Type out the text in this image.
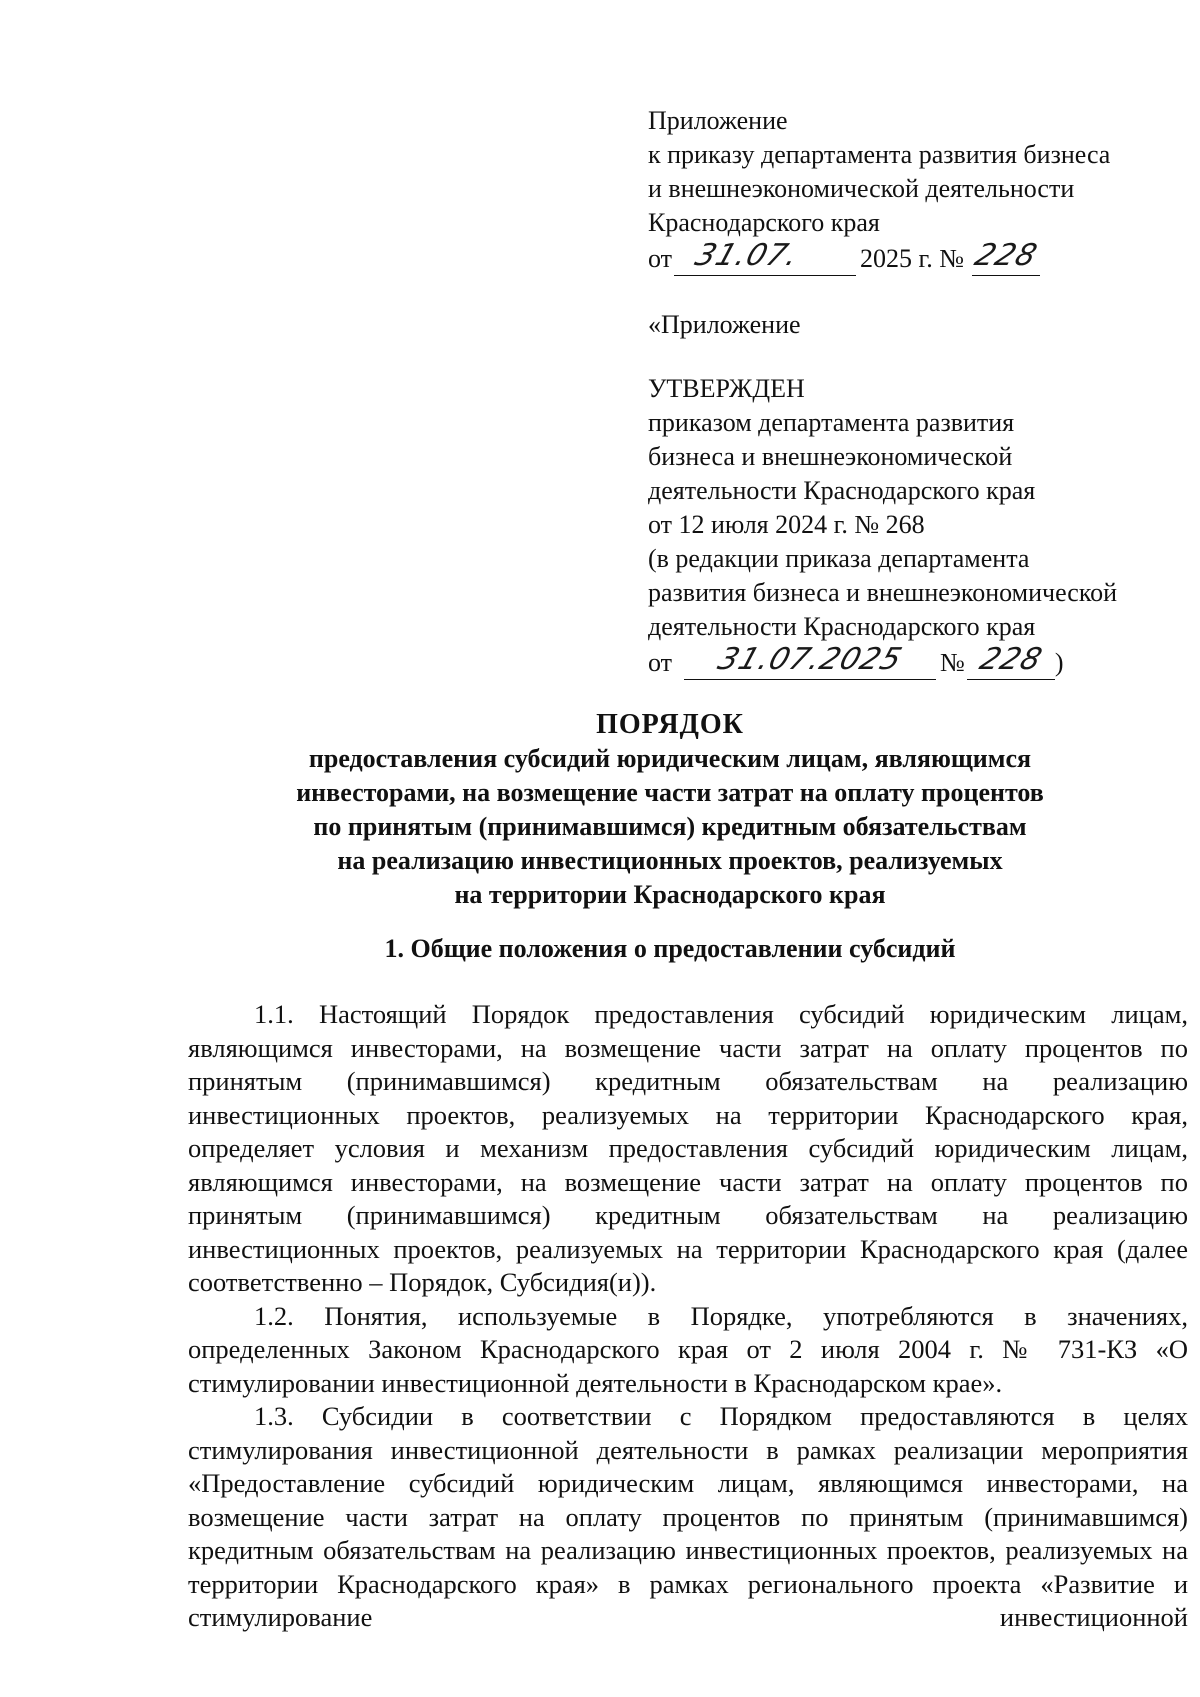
Приложение
к приказу департамента развития бизнеса
и внешнеэкономической деятельности
Краснодарского края
от 31.07. 2025 г. № 228
«Приложение
УТВЕРЖДЕН
приказом департамента развития
бизнеса и внешнеэкономической
деятельности Краснодарского края
от 12 июля 2024 г. № 268
(в редакции приказа департамента
развития бизнеса и внешнеэкономической
деятельности Краснодарского края
от 31.07.2025 № 228 )
ПОРЯДОК
предоставления субсидий юридическим лицам, являющимся
инвесторами, на возмещение части затрат на оплату процентов
по принятым (принимавшимся) кредитным обязательствам
на реализацию инвестиционных проектов, реализуемых
на территории Краснодарского края
1. Общие положения о предоставлении субсидий

1.1. Настоящий Порядок предоставления субсидий юридическим лицам, являющимся инвесторами, на возмещение части затрат на оплату процентов по принятым (принимавшимся) кредитным обязательствам на реализацию инвестиционных проектов, реализуемых на территории Краснодарского края, определяет условия и механизм предоставления субсидий юридическим лицам, являющимся инвесторами, на возмещение части затрат на оплату процентов по принятым (принимавшимся) кредитным обязательствам на реализацию инвестиционных проектов, реализуемых на территории Краснодарского края (далее соответственно – Порядок, Субсидия(и)).

1.2. Понятия, используемые в Порядке, употребляются в значениях, определенных Законом Краснодарского края от 2 июля 2004 г. № 731-КЗ «О стимулировании инвестиционной деятельности в Краснодарском крае».

1.3. Субсидии в соответствии с Порядком предоставляются в целях стимулирования инвестиционной деятельности в рамках реализации мероприятия «Предоставление субсидий юридическим лицам, являющимся инвесторами, на возмещение части затрат на оплату процентов по принятым (принимавшимся) кредитным обязательствам на реализацию инвестиционных проектов, реализуемых на территории Краснодарского края» в рамках регионального проекта «Развитие и стимулирование инвестиционной
